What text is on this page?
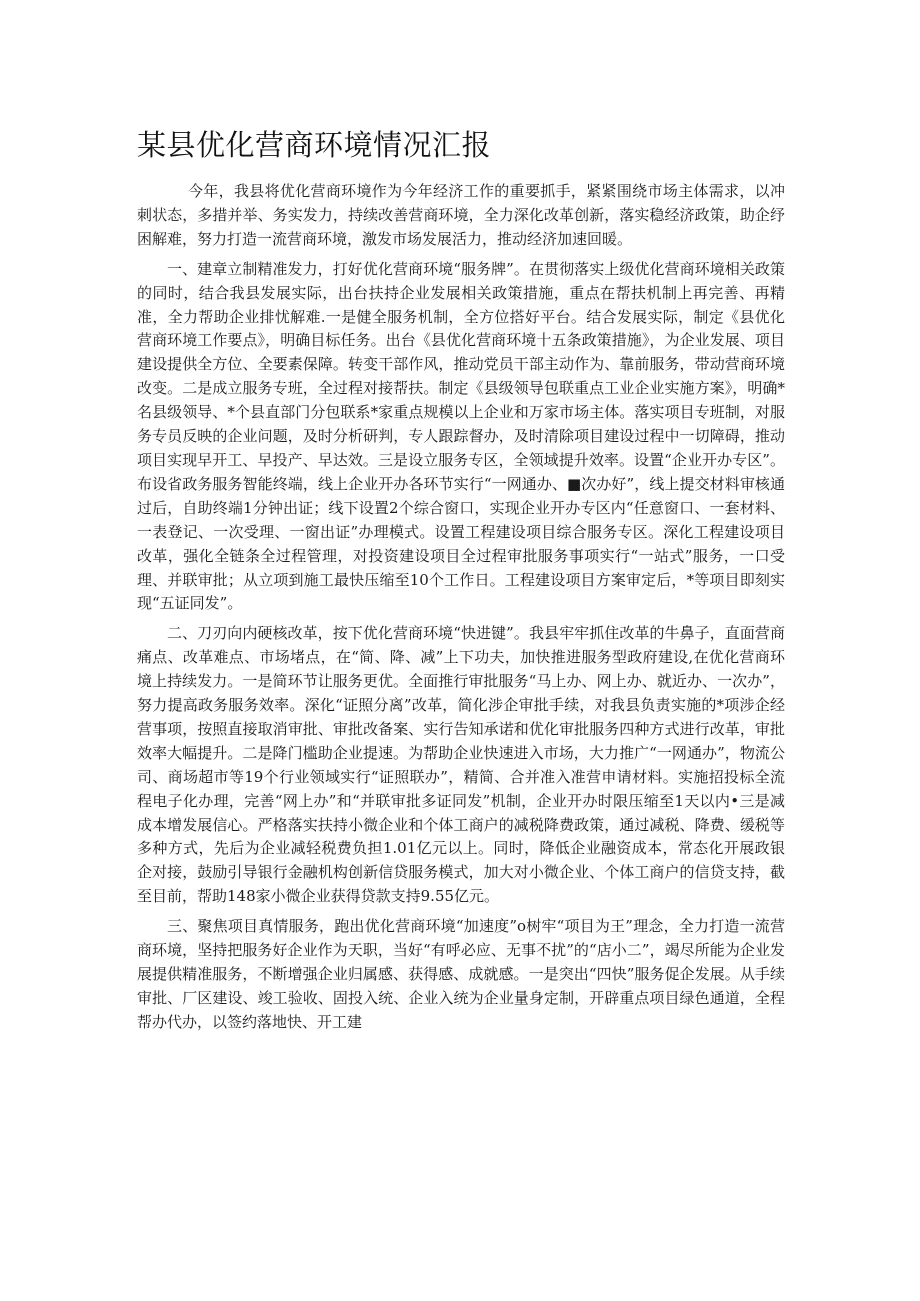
某县优化营商环境情况汇报

今年，我县将优化营商环境作为今年经济工作的重要抓手，紧紧围绕市场主体需求，以冲刺状态，多措并举、务实发力，持续改善营商环境，全力深化改革创新，落实稳经济政策，助企纾困解难，努力打造一流营商环境，激发市场发展活力，推动经济加速回暖。

一、建章立制精准发力，打好优化营商环境“服务牌”。在贯彻落实上级优化营商环境相关政策的同时，结合我县发展实际，出台扶持企业发展相关政策措施，重点在帮扶机制上再完善、再精准，全力帮助企业排忧解难.一是健全服务机制，全方位搭好平台。结合发展实际，制定《县优化营商环境工作要点》，明确目标任务。出台《县优化营商环境十五条政策措施》，为企业发展、项目建设提供全方位、全要素保障。转变干部作风，推动党员干部主动作为、靠前服务，带动营商环境改变。二是成立服务专班，全过程对接帮扶。制定《县级领导包联重点工业企业实施方案》，明确*名县级领导、*个县直部门分包联系*家重点规模以上企业和万家市场主体。落实项目专班制，对服务专员反映的企业问题，及时分析研判，专人跟踪督办，及时清除项目建设过程中一切障碍，推动项目实现早开工、早投产、早达效。三是设立服务专区，全领域提升效率。设置“企业开办专区”。布设省政务服务智能终端，线上企业开办各环节实行“一网通办、■次办好”，线上提交材料审核通过后，自助终端1分钟出证；线下设置2个综合窗口，实现企业开办专区内“任意窗口、一套材料、一表登记、一次受理、一窗出证”办理模式。设置工程建设项目综合服务专区。深化工程建设项目改革，强化全链条全过程管理，对投资建设项目全过程审批服务事项实行“一站式”服务，一口受理、并联审批；从立项到施工最快压缩至10个工作日。工程建设项目方案审定后，*等项目即刻实现“五证同发”。

二、刀刃向内硬核改革，按下优化营商环境“快进键”。我县牢牢抓住改革的牛鼻子，直面营商痛点、改革难点、市场堵点，在“简、降、减”上下功夫，加快推进服务型政府建设,在优化营商环境上持续发力。一是简环节让服务更优。全面推行审批服务“马上办、网上办、就近办、一次办”，努力提高政务服务效率。深化“证照分离”改革，简化涉企审批手续，对我县负责实施的*项涉企经营事项，按照直接取消审批、审批改备案、实行告知承诺和优化审批服务四种方式进行改革，审批效率大幅提升。二是降门槛助企业提速。为帮助企业快速进入市场，大力推广“一网通办”，物流公司、商场超市等19个行业领域实行“证照联办”，精简、合并准入准营申请材料。实施招投标全流程电子化办理，完善“网上办”和“并联审批多证同发”机制，企业开办时限压缩至1天以内•三是减成本增发展信心。严格落实扶持小微企业和个体工商户的减税降费政策，通过减税、降费、缓税等多种方式，先后为企业减轻税费负担1.01亿元以上。同时，降低企业融资成本，常态化开展政银企对接，鼓励引导银行金融机构创新信贷服务模式，加大对小微企业、个体工商户的信贷支持，截至目前，帮助148家小微企业获得贷款支持9.55亿元。

三、聚焦项目真情服务，跑出优化营商环境“加速度”o树牢“项目为王”理念，全力打造一流营商环境，坚持把服务好企业作为天职，当好“有呼必应、无事不扰”的“店小二”，竭尽所能为企业发展提供精准服务，不断增强企业归属感、获得感、成就感。一是突出“四快”服务促企发展。从手续审批、厂区建设、竣工验收、固投入统、企业入统为企业量身定制，开辟重点项目绿色通道，全程帮办代办，以签约落地快、开工建
